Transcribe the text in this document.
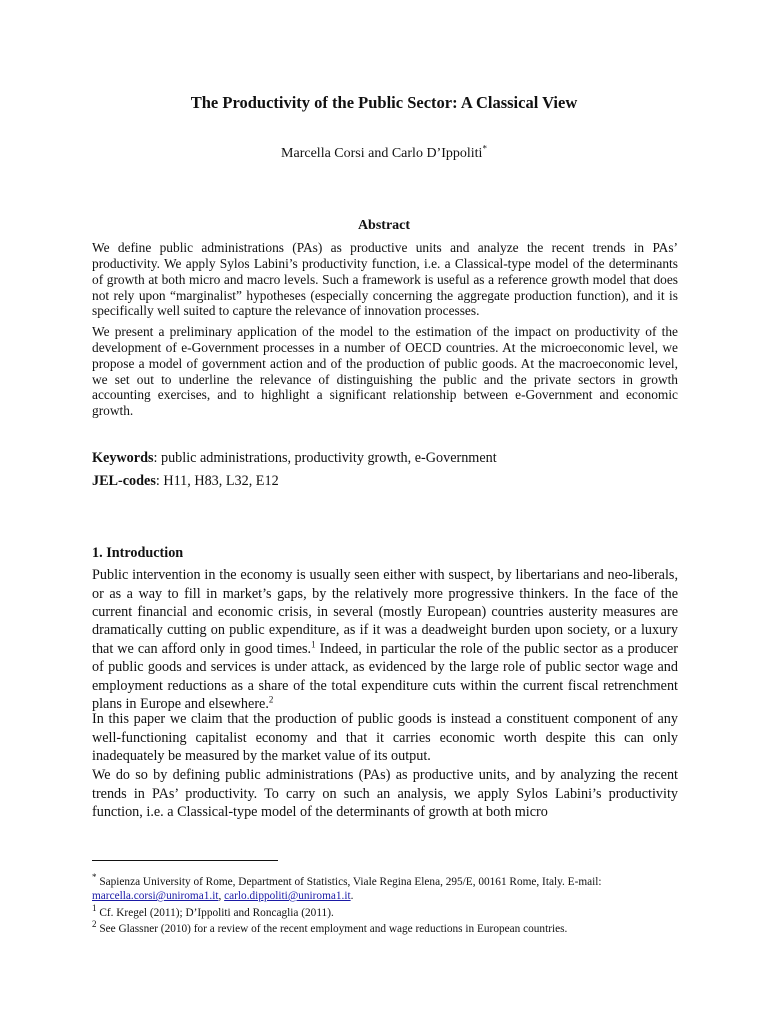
The Productivity of the Public Sector: A Classical View
Marcella Corsi and Carlo D’Ippoliti*
Abstract

We define public administrations (PAs) as productive units and analyze the recent trends in PAs’ productivity. We apply Sylos Labini’s productivity function, i.e. a Classical-type model of the determinants of growth at both micro and macro levels. Such a framework is useful as a reference growth model that does not rely upon “marginalist” hypotheses (especially concerning the aggregate production function), and it is specifically well suited to capture the relevance of innovation processes.

We present a preliminary application of the model to the estimation of the impact on productivity of the development of e-Government processes in a number of OECD countries. At the microeconomic level, we propose a model of government action and of the production of public goods. At the macroeconomic level, we set out to underline the relevance of distinguishing the public and the private sectors in growth accounting exercises, and to highlight a significant relationship between e-Government and economic growth.

Keywords: public administrations, productivity growth, e-Government
JEL-codes: H11, H83, L32, E12
1. Introduction

Public intervention in the economy is usually seen either with suspect, by libertarians and neo-liberals, or as a way to fill in market’s gaps, by the relatively more progressive thinkers. In the face of the current financial and economic crisis, in several (mostly European) countries austerity measures are dramatically cutting on public expenditure, as if it was a deadweight burden upon society, or a luxury that we can afford only in good times.$^1$ Indeed, in particular the role of the public sector as a producer of public goods and services is under attack, as evidenced by the large role of public sector wage and employment reductions as a share of the total expenditure cuts within the current fiscal retrenchment plans in Europe and elsewhere.$^2$

In this paper we claim that the production of public goods is instead a constituent component of any well-functioning capitalist economy and that it carries economic worth despite this can only inadequately be measured by the market value of its output.

We do so by defining public administrations (PAs) as productive units, and by analyzing the recent trends in PAs’ productivity. To carry on such an analysis, we apply Sylos Labini’s productivity function, i.e. a Classical-type model of the determinants of growth at both micro

* Sapienza University of Rome, Department of Statistics, Viale Regina Elena, 295/E, 00161 Rome, Italy. E-mail:
marcella.corsi@uniroma1.it, carlo.dippoliti@uniroma1.it.
$^1$ Cf. Kregel (2011); D’Ippoliti and Roncaglia (2011).
$^2$ See Glassner (2010) for a review of the recent employment and wage reductions in European countries.
